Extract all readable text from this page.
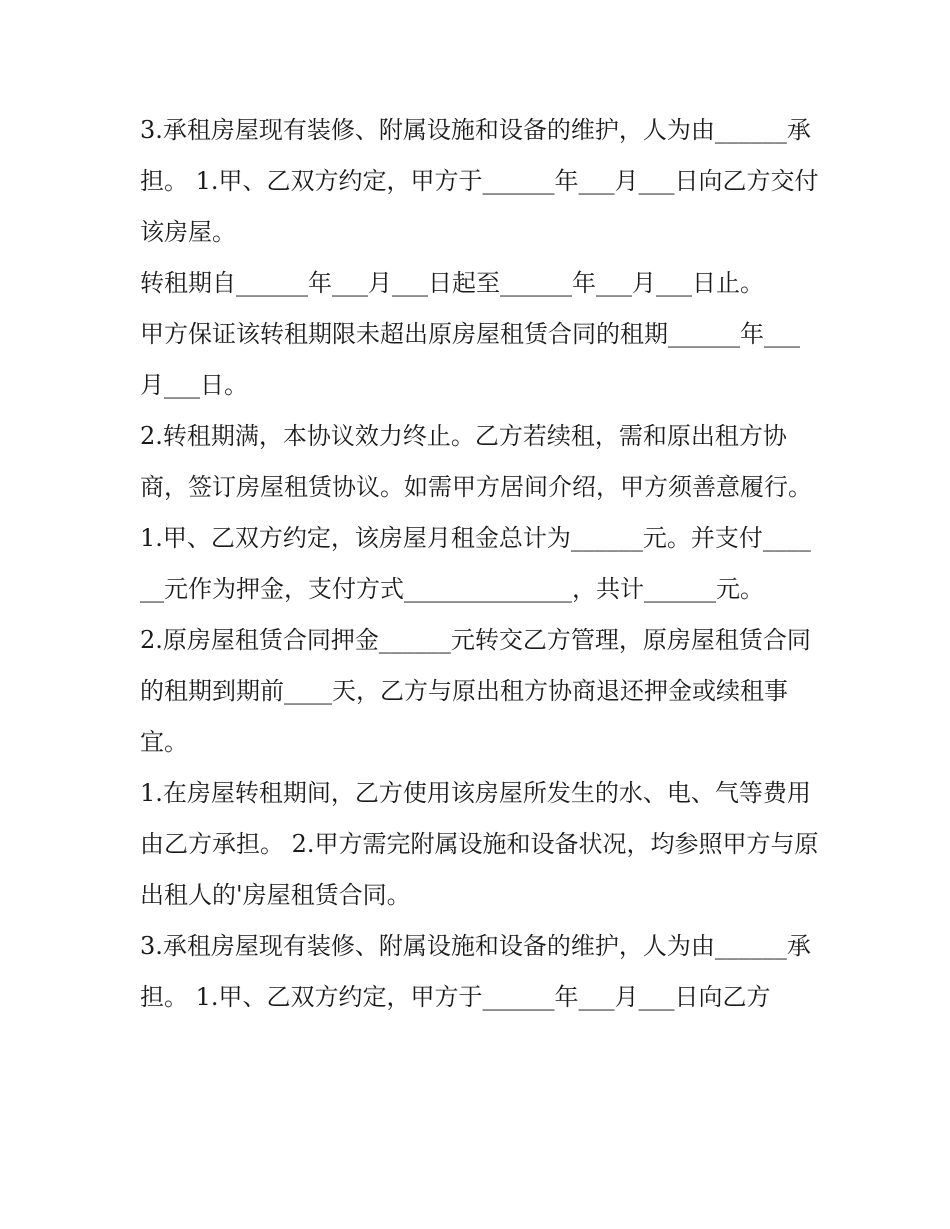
3.承租房屋现有装修、附属设施和设备的维护，人为由______承担。 1.甲、乙双方约定，甲方于______年___月___日向乙方交付该房屋。

转租期自______年___月___日起至______年___月___日止。

甲方保证该转租期限未超出原房屋租赁合同的租期______年___月___日。

2.转租期满，本协议效力终止。乙方若续租，需和原出租方协商，签订房屋租赁协议。如需甲方居间介绍，甲方须善意履行。

1.甲、乙双方约定，该房屋月租金总计为______元。并支付______元作为押金，支付方式______________，共计______元。

2.原房屋租赁合同押金______元转交乙方管理，原房屋租赁合同的租期到期前____天，乙方与原出租方协商退还押金或续租事宜。

1.在房屋转租期间，乙方使用该房屋所发生的水、电、气等费用由乙方承担。 2.甲方需完附属设施和设备状况，均参照甲方与原出租人的'房屋租赁合同。

3.承租房屋现有装修、附属设施和设备的维护，人为由______承担。 1.甲、乙双方约定，甲方于______年___月___日向乙方
